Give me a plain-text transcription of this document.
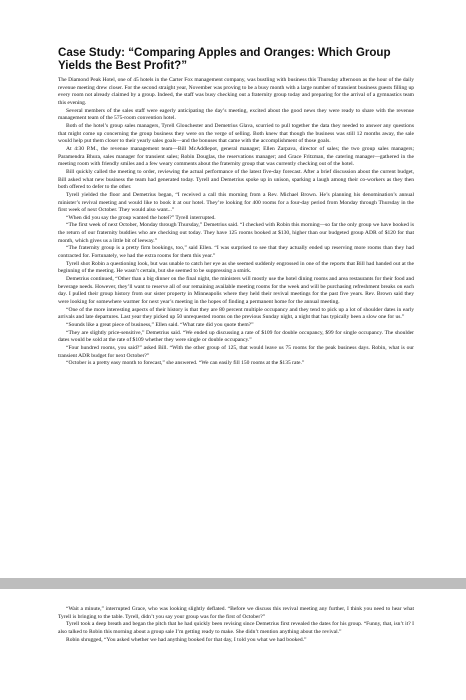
Case Study: “Comparing Apples and Oranges: Which Group Yields the Best Profit?”

The Diamond Peak Hotel, one of 45 hotels in the Carter Fox management company, was bustling with business this Thursday afternoon as the hour of the daily revenue meeting drew closer. For the second straight year, November was proving to be a busy month with a large number of transient business guests filling up every room not already claimed by a group. Indeed, the staff was busy checking out a fraternity group today and preparing for the arrival of a gymnastics team this evening.

Several members of the sales staff were eagerly anticipating the day’s meeting, excited about the good news they were ready to share with the revenue management team of the 575-room convention hotel.

Both of the hotel’s group sales managers, Tyrell Glouchester and Demetrius Glava, scurried to pull together the data they needed to answer any questions that might come up concerning the group business they were on the verge of selling. Both knew that though the business was still 12 months away, the sale would help put them closer to their yearly sales goals—and the bonuses that came with the accomplishment of those goals.

At 4:30 P.M., the revenue management team—Bill McAddlepot, general manager; Ellen Zarpava, director of sales; the two group sales managers; Paramendra Bhura, sales manager for transient sales; Robin Douglas, the reservations manager; and Grace Fritzman, the catering manager—gathered in the meeting room with friendly smiles and a few weary comments about the fraternity group that was currently checking out of the hotel.

Bill quickly called the meeting to order, reviewing the actual performance of the latest five-day forecast. After a brief discussion about the current budget, Bill asked what new business the team had generated today. Tyrell and Demetrius spoke up in unison, sparking a laugh among their co-workers as they then both offered to defer to the other.

Tyrell yielded the floor and Demetrius began, “I received a call this morning from a Rev. Michael Brown. He’s planning his denomination’s annual minister’s revival meeting and would like to book it at our hotel. They’re looking for 400 rooms for a four-day period from Monday through Thursday in the first week of next October. They would also want...”

“When did you say the group wanted the hotel?” Tyrell interrupted.

“The first week of next October, Monday through Thursday,” Demetrius said. “I checked with Robin this morning—so far the only group we have booked is the return of our fraternity buddies who are checking out today. They have 125 rooms booked at $130, higher than our budgeted group ADR of $120 for that month, which gives us a little bit of leeway.”

“The fraternity group is a pretty firm bookings, too,” said Ellen. “I was surprised to see that they actually ended up reserving more rooms than they had contracted for. Fortunately, we had the extra rooms for them this year.”

Tyrell shot Robin a questioning look, but was unable to catch her eye as she seemed suddenly engrossed in one of the reports that Bill had handed out at the beginning of the meeting. He wasn’t certain, but she seemed to be suppressing a smirk.

Demetrius continued, “Other than a big dinner on the final night, the ministers will mostly use the hotel dining rooms and area restaurants for their food and beverage needs. However, they’ll want to reserve all of our remaining available meeting rooms for the week and will be purchasing refreshment breaks on each day. I pulled their group history from our sister property in Minneapolis where they held their revival meetings for the past five years. Rev. Brown said they were looking for somewhere warmer for next year’s meeting in the hopes of finding a permanent home for the annual meeting.

“One of the more interesting aspects of their history is that they are 80 percent multiple occupancy and they tend to pick up a lot of shoulder dates in early arrivals and late departures. Last year they picked up 50 unrequested rooms on the previous Sunday night, a night that has typically been a slow one for us.”

“Sounds like a great piece of business,” Ellen said. “What rate did you quote them?”

“They are slightly price-sensitive,” Demetrius said. “We ended up discussing a rate of $109 for double occupancy, $99 for single occupancy. The shoulder dates would be sold at the rate of $109 whether they were single or double occupancy.”

“Four hundred rooms, you said?” asked Bill. “With the other group of 125, that would leave us 75 rooms for the peak business days. Robin, what is our transient ADR budget for next October?”

“October is a pretty easy month to forecast,” she answered. “We can easily fill 150 rooms at the $135 rate.”

“Wait a minute,” interrupted Grace, who was looking slightly deflated. “Before we discuss this revival meeting any further, I think you need to hear what Tyrell is bringing to the table. Tyrell, didn’t you say your group was for the first of October?”

Tyrell took a deep breath and began the pitch that he had quickly been revising since Demetrius first revealed the dates for his group. “Funny, that, isn’t it? I also talked to Robin this morning about a group sale I’m getting ready to make. She didn’t mention anything about the revival.”

Robin shrugged, “You asked whether we had anything booked for that day, I told you what we had booked.”
